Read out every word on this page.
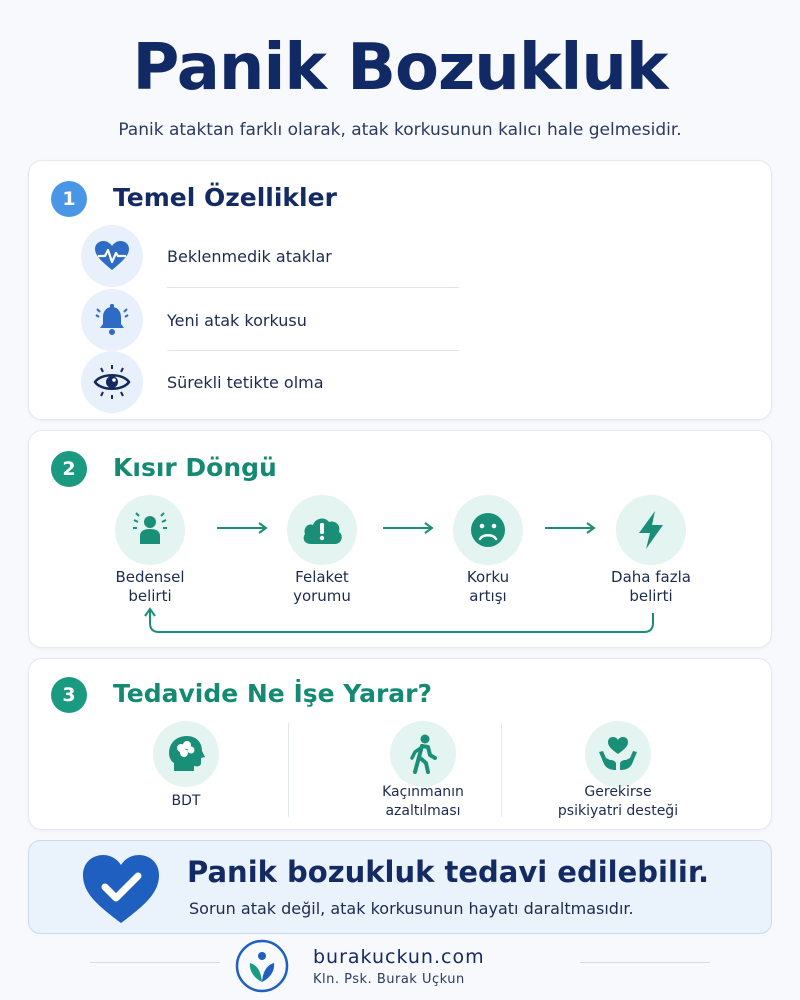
Panik Bozukluk
Panik ataktan farklı olarak, atak korkusunun kalıcı hale gelmesidir.
1	Temel Özellikler
Beklenmedik ataklar
Yeni atak korkusu
Sürekli tetikte olma
2	Kısır Döngü
Bedensel
belirti
Felaket
yorumu
Korku
artışı
Daha fazla
belirti
3	Tedavide Ne İşe Yarar?
BDT
Kaçınmanın
azaltılması
Gerekirse
psikiyatri desteği
Panik bozukluk tedavi edilebilir.
Sorun atak değil, atak korkusunun hayatı daraltmasıdır.
burakuckun.com
Kln. Psk. Burak Uçkun
